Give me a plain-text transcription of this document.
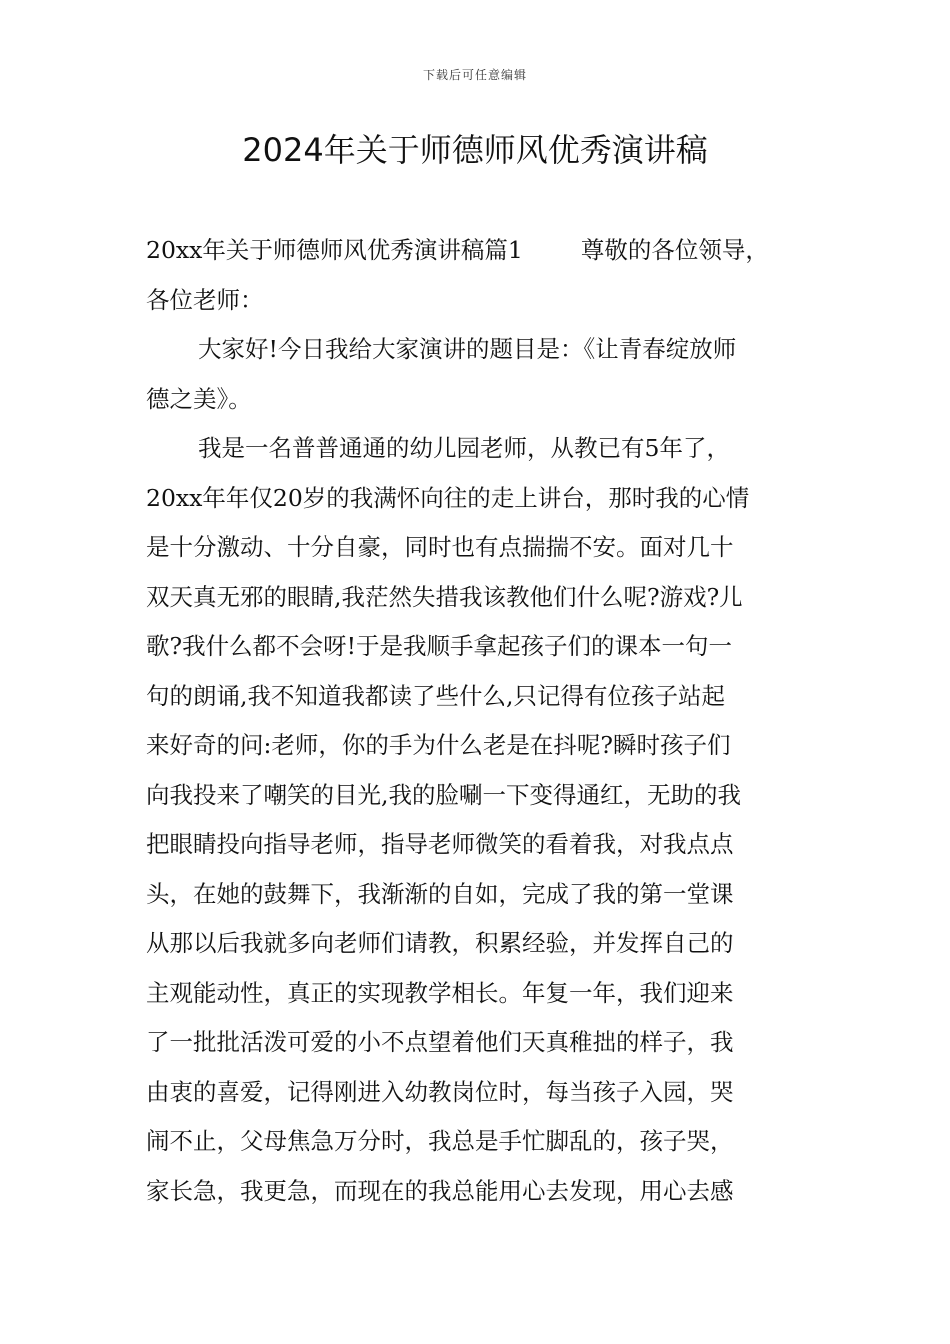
下载后可任意编辑
2024年关于师德师风优秀演讲稿
20xx年关于师德师风优秀演讲稿篇1 尊敬的各位领导，
各位老师：
大家好!今日我给大家演讲的题目是：《让青春绽放师
德之美》。
我是一名普普通通的幼儿园老师，从教已有5年了，
20xx年年仅20岁的我满怀向往的走上讲台，那时我的心情
是十分激动、十分自豪，同时也有点揣揣不安。面对几十
双天真无邪的眼睛,我茫然失措我该教他们什么呢?游戏?儿
歌?我什么都不会呀!于是我顺手拿起孩子们的课本一句一
句的朗诵,我不知道我都读了些什么,只记得有位孩子站起
来好奇的问:老师，你的手为什么老是在抖呢?瞬时孩子们
向我投来了嘲笑的目光,我的脸唰一下变得通红，无助的我
把眼睛投向指导老师，指导老师微笑的看着我，对我点点
头，在她的鼓舞下，我渐渐的自如，完成了我的第一堂课
从那以后我就多向老师们请教，积累经验，并发挥自己的
主观能动性，真正的实现教学相长。年复一年，我们迎来
了一批批活泼可爱的小不点望着他们天真稚拙的样子，我
由衷的喜爱，记得刚进入幼教岗位时，每当孩子入园，哭
闹不止，父母焦急万分时，我总是手忙脚乱的，孩子哭，
家长急，我更急，而现在的我总能用心去发现，用心去感
